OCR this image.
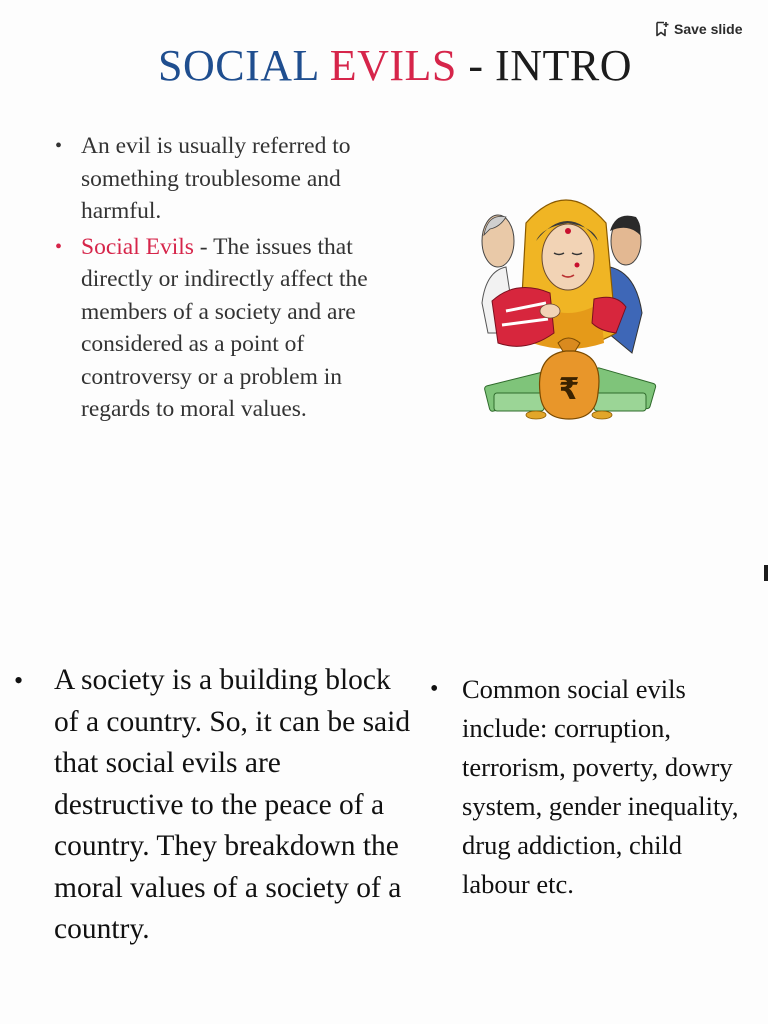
Save slide
SOCIAL EVILS - INTRO
• An evil is usually referred to something troublesome and harmful.
• Social Evils - The issues that directly or indirectly affect the members of a society and are considered as a point of controversy or a problem in regards to moral values.
₹
• A society is a building block of a country. So, it can be said that social evils are destructive to the peace of a country. They breakdown the moral values of a society of a country.
• Common social evils include: corruption, terrorism, poverty, dowry system, gender inequality, drug addiction, child labour etc.
